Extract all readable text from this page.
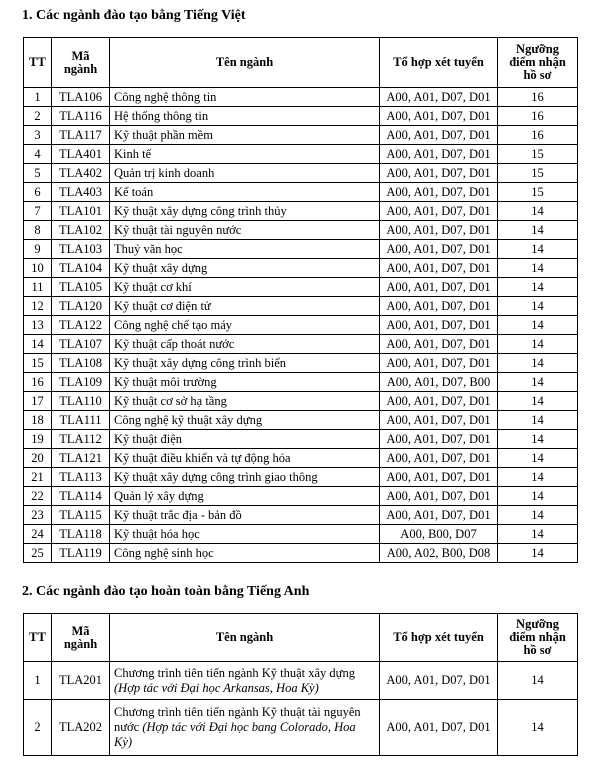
1. Các ngành đào tạo bằng Tiếng Việt
TT	Mã ngành	Tên ngành	Tổ hợp xét tuyển	Ngưỡng điểm nhận hồ sơ
1	TLA106	Công nghệ thông tin	A00, A01, D07, D01	16
2	TLA116	Hệ thống thông tin	A00, A01, D07, D01	16
3	TLA117	Kỹ thuật phần mềm	A00, A01, D07, D01	16
4	TLA401	Kinh tế	A00, A01, D07, D01	15
5	TLA402	Quản trị kinh doanh	A00, A01, D07, D01	15
6	TLA403	Kế toán	A00, A01, D07, D01	15
7	TLA101	Kỹ thuật xây dựng công trình thủy	A00, A01, D07, D01	14
8	TLA102	Kỹ thuật tài nguyên nước	A00, A01, D07, D01	14
9	TLA103	Thuỷ văn học	A00, A01, D07, D01	14
10	TLA104	Kỹ thuật xây dựng	A00, A01, D07, D01	14
11	TLA105	Kỹ thuật cơ khí	A00, A01, D07, D01	14
12	TLA120	Kỹ thuật cơ điện tử	A00, A01, D07, D01	14
13	TLA122	Công nghệ chế tạo máy	A00, A01, D07, D01	14
14	TLA107	Kỹ thuật cấp thoát nước	A00, A01, D07, D01	14
15	TLA108	Kỹ thuật xây dựng công trình biển	A00, A01, D07, D01	14
16	TLA109	Kỹ thuật môi trường	A00, A01, D07, B00	14
17	TLA110	Kỹ thuật cơ sở hạ tầng	A00, A01, D07, D01	14
18	TLA111	Công nghệ kỹ thuật xây dựng	A00, A01, D07, D01	14
19	TLA112	Kỹ thuật điện	A00, A01, D07, D01	14
20	TLA121	Kỹ thuật điều khiển và tự động hóa	A00, A01, D07, D01	14
21	TLA113	Kỹ thuật xây dựng công trình giao thông	A00, A01, D07, D01	14
22	TLA114	Quản lý xây dựng	A00, A01, D07, D01	14
23	TLA115	Kỹ thuật trắc địa - bản đồ	A00, A01, D07, D01	14
24	TLA118	Kỹ thuật hóa học	A00, B00, D07	14
25	TLA119	Công nghệ sinh học	A00, A02, B00, D08	14
2. Các ngành đào tạo hoàn toàn bằng Tiếng Anh
TT	Mã ngành	Tên ngành	Tổ hợp xét tuyển	Ngưỡng điểm nhận hồ sơ
1	TLA201	Chương trình tiên tiến ngành Kỹ thuật xây dựng (Hợp tác với Đại học Arkansas, Hoa Kỳ)	A00, A01, D07, D01	14
2	TLA202	Chương trình tiên tiến ngành Kỹ thuật tài nguyên nước (Hợp tác với Đại học bang Colorado, Hoa Kỳ)	A00, A01, D07, D01	14
